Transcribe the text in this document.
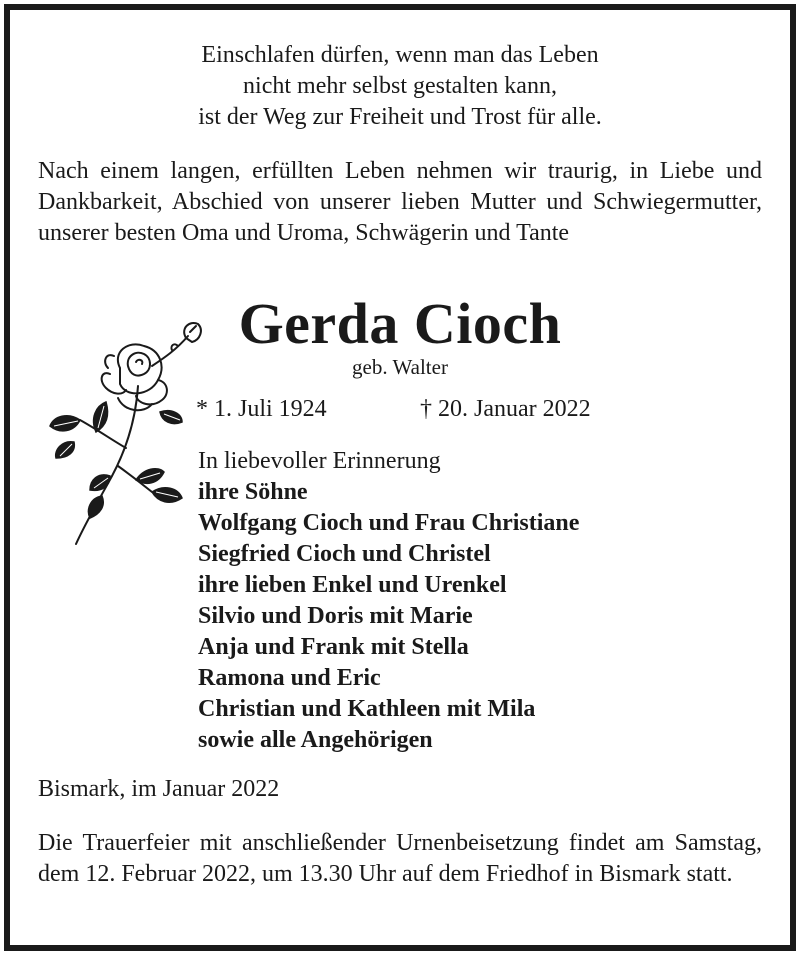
Einschlafen dürfen, wenn man das Leben
nicht mehr selbst gestalten kann,
ist der Weg zur Freiheit und Trost für alle.
Nach einem langen, erfüllten Leben nehmen wir traurig, in Liebe und Dankbarkeit, Abschied von unserer lieben Mutter und Schwiegermutter, unserer besten Oma und Uroma, Schwägerin und Tante
Gerda Cioch
geb. Walter
* 1. Juli 1924	† 20. Januar 2022
In liebevoller Erinnerung
ihre Söhne
Wolfgang Cioch und Frau Christiane
Siegfried Cioch und Christel
ihre lieben Enkel und Urenkel
Silvio und Doris mit Marie
Anja und Frank mit Stella
Ramona und Eric
Christian und Kathleen mit Mila
sowie alle Angehörigen
Bismark, im Januar 2022
Die Trauerfeier mit anschließender Urnenbeisetzung findet am Samstag, dem 12. Februar 2022, um 13.30 Uhr auf dem Friedhof in Bismark statt.
